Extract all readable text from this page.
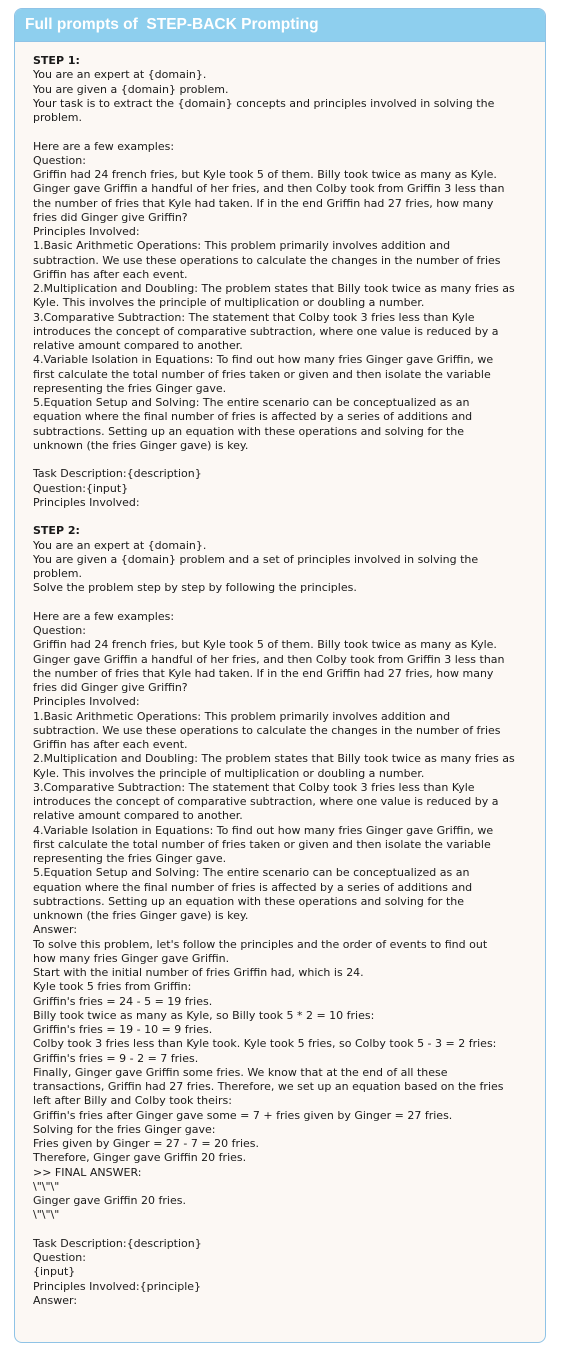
Full prompts of  STEP-BACK Prompting
STEP 1:
You are an expert at {domain}.
You are given a {domain} problem.
Your task is to extract the {domain} concepts and principles involved in solving the
problem.
Here are a few examples:
Question:
Griffin had 24 french fries, but Kyle took 5 of them. Billy took twice as many as Kyle.
Ginger gave Griffin a handful of her fries, and then Colby took from Griffin 3 less than
the number of fries that Kyle had taken. If in the end Griffin had 27 fries, how many
fries did Ginger give Griffin?
Principles Involved:
1.Basic Arithmetic Operations: This problem primarily involves addition and
subtraction. We use these operations to calculate the changes in the number of fries
Griffin has after each event.
2.Multiplication and Doubling: The problem states that Billy took twice as many fries as
Kyle. This involves the principle of multiplication or doubling a number.
3.Comparative Subtraction: The statement that Colby took 3 fries less than Kyle
introduces the concept of comparative subtraction, where one value is reduced by a
relative amount compared to another.
4.Variable Isolation in Equations: To find out how many fries Ginger gave Griffin, we
first calculate the total number of fries taken or given and then isolate the variable
representing the fries Ginger gave.
5.Equation Setup and Solving: The entire scenario can be conceptualized as an
equation where the final number of fries is affected by a series of additions and
subtractions. Setting up an equation with these operations and solving for the
unknown (the fries Ginger gave) is key.
Task Description:{description}
Question:{input}
Principles Involved:
STEP 2:
You are an expert at {domain}.
You are given a {domain} problem and a set of principles involved in solving the
problem.
Solve the problem step by step by following the principles.
Here are a few examples:
Question:
Griffin had 24 french fries, but Kyle took 5 of them. Billy took twice as many as Kyle.
Ginger gave Griffin a handful of her fries, and then Colby took from Griffin 3 less than
the number of fries that Kyle had taken. If in the end Griffin had 27 fries, how many
fries did Ginger give Griffin?
Principles Involved:
1.Basic Arithmetic Operations: This problem primarily involves addition and
subtraction. We use these operations to calculate the changes in the number of fries
Griffin has after each event.
2.Multiplication and Doubling: The problem states that Billy took twice as many fries as
Kyle. This involves the principle of multiplication or doubling a number.
3.Comparative Subtraction: The statement that Colby took 3 fries less than Kyle
introduces the concept of comparative subtraction, where one value is reduced by a
relative amount compared to another.
4.Variable Isolation in Equations: To find out how many fries Ginger gave Griffin, we
first calculate the total number of fries taken or given and then isolate the variable
representing the fries Ginger gave.
5.Equation Setup and Solving: The entire scenario can be conceptualized as an
equation where the final number of fries is affected by a series of additions and
subtractions. Setting up an equation with these operations and solving for the
unknown (the fries Ginger gave) is key.
Answer:
To solve this problem, let's follow the principles and the order of events to find out
how many fries Ginger gave Griffin.
Start with the initial number of fries Griffin had, which is 24.
Kyle took 5 fries from Griffin:
Griffin's fries = 24 - 5 = 19 fries.
Billy took twice as many as Kyle, so Billy took 5 * 2 = 10 fries:
Griffin's fries = 19 - 10 = 9 fries.
Colby took 3 fries less than Kyle took. Kyle took 5 fries, so Colby took 5 - 3 = 2 fries:
Griffin's fries = 9 - 2 = 7 fries.
Finally, Ginger gave Griffin some fries. We know that at the end of all these
transactions, Griffin had 27 fries. Therefore, we set up an equation based on the fries
left after Billy and Colby took theirs:
Griffin's fries after Ginger gave some = 7 + fries given by Ginger = 27 fries.
Solving for the fries Ginger gave:
Fries given by Ginger = 27 - 7 = 20 fries.
Therefore, Ginger gave Griffin 20 fries.
>> FINAL ANSWER:
\"\"\"
Ginger gave Griffin 20 fries.
\"\"\"
Task Description:{description}
Question:
{input}
Principles Involved:{principle}
Answer:
